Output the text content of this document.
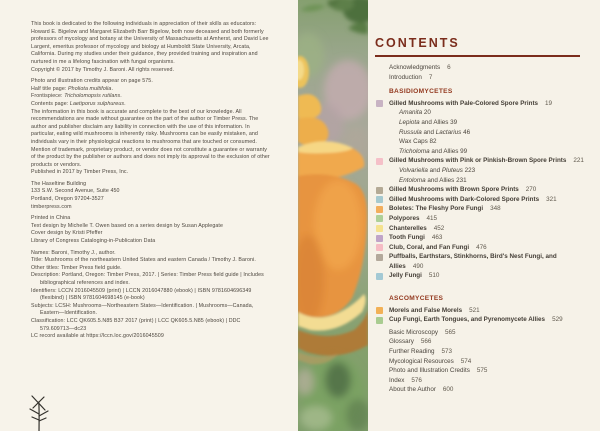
This book is dedicated to the following individuals in appreciation of their skills as educators: Howard E. Bigelow and Margaret Elizabeth Barr Bigelow, both now deceased and both formerly professors of mycology and botany at the University of Massachusetts at Amherst, and David Lee Largent, emeritus professor of mycology and biology at Humboldt State University, Arcata, California. During my studies under their guidance, they provided training and inspiration and nurtured in me a lifelong fascination with fungal organisms.

Copyright © 2017 by Timothy J. Baroni. All rights reserved.

Photo and illustration credits appear on page 575.
Half title page: Pholiota multifolia.
Frontispiece: Tricholomopsis rutilans.
Contents page: Laetiporus sulphureus.

The information in this book is accurate and complete to the best of our knowledge. All recommendations are made without guarantee on the part of the author or Timber Press. The author and publisher disclaim any liability in connection with the use of this information. In particular, eating wild mushrooms is inherently risky. Mushrooms can be easily mistaken, and individuals vary in their physiological reactions to mushrooms that are touched or consumed. Mention of trademark, proprietary product, or vendor does not constitute a guarantee or warranty of the product by the publisher or authors and does not imply its approval to the exclusion of other products or vendors.

Published in 2017 by Timber Press, Inc.

The Haseltine Building
133 S.W. Second Avenue, Suite 450
Portland, Oregon 97204-3527
timberpress.com
Printed in China
Text design by Michelle T. Owen based on a series design by Susan Applegate
Cover design by Kristi Pfeffer

Library of Congress Cataloging-in-Publication Data

Names: Baroni, Timothy J., author.
Title: Mushrooms of the northeastern United States and eastern Canada / Timothy J. Baroni.
Other titles: Timber Press field guide.
Description: Portland, Oregon: Timber Press, 2017. | Series: Timber Press field guide | Includes bibliographical references and index.
Identifiers: LCCN 2016045509 (print) | LCCN 2016047880 (ebook) | ISBN 9781604696349 (flexibind) | ISBN 9781604698145 (e-book)
Subjects: LCSH: Mushrooms—Northeastern States—Identification. | Mushrooms—Canada, Eastern—Identification.
Classification: LCC QK605.5.N85 B37 2017 (print) | LCC QK605.5.N85 (ebook) | DDC 579.609713—dc23
LC record available at https://lccn.loc.gov/2016045509
CONTENTS
Acknowledgments 6
Introduction 7
BASIDIOMYCETES
Gilled Mushrooms with Pale-Colored Spore Prints 19
Amanita 20
Lepiota and Allies 39
Russula and Lactarius 46
Wax Caps 82
Tricholoma and Allies 99
Gilled Mushrooms with Pink or Pinkish-Brown Spore Prints 221
Volvariella and Pluteus 223
Entoloma and Allies 231
Gilled Mushrooms with Brown Spore Prints 270
Gilled Mushrooms with Dark-Colored Spore Prints 321
Boletes: The Fleshy Pore Fungi 348
Polypores 415
Chanterelles 452
Tooth Fungi 463
Club, Coral, and Fan Fungi 476
Puffballs, Earthstars, Stinkhorns, Bird's Nest Fungi, and Allies 490
Jelly Fungi 510
ASCOMYCETES
Morels and False Morels 521
Cup Fungi, Earth Tongues, and Pyrenomycete Allies 529
Basic Microscopy 565
Glossary 566
Further Reading 573
Mycological Resources 574
Photo and Illustration Credits 575
Index 576
About the Author 600
